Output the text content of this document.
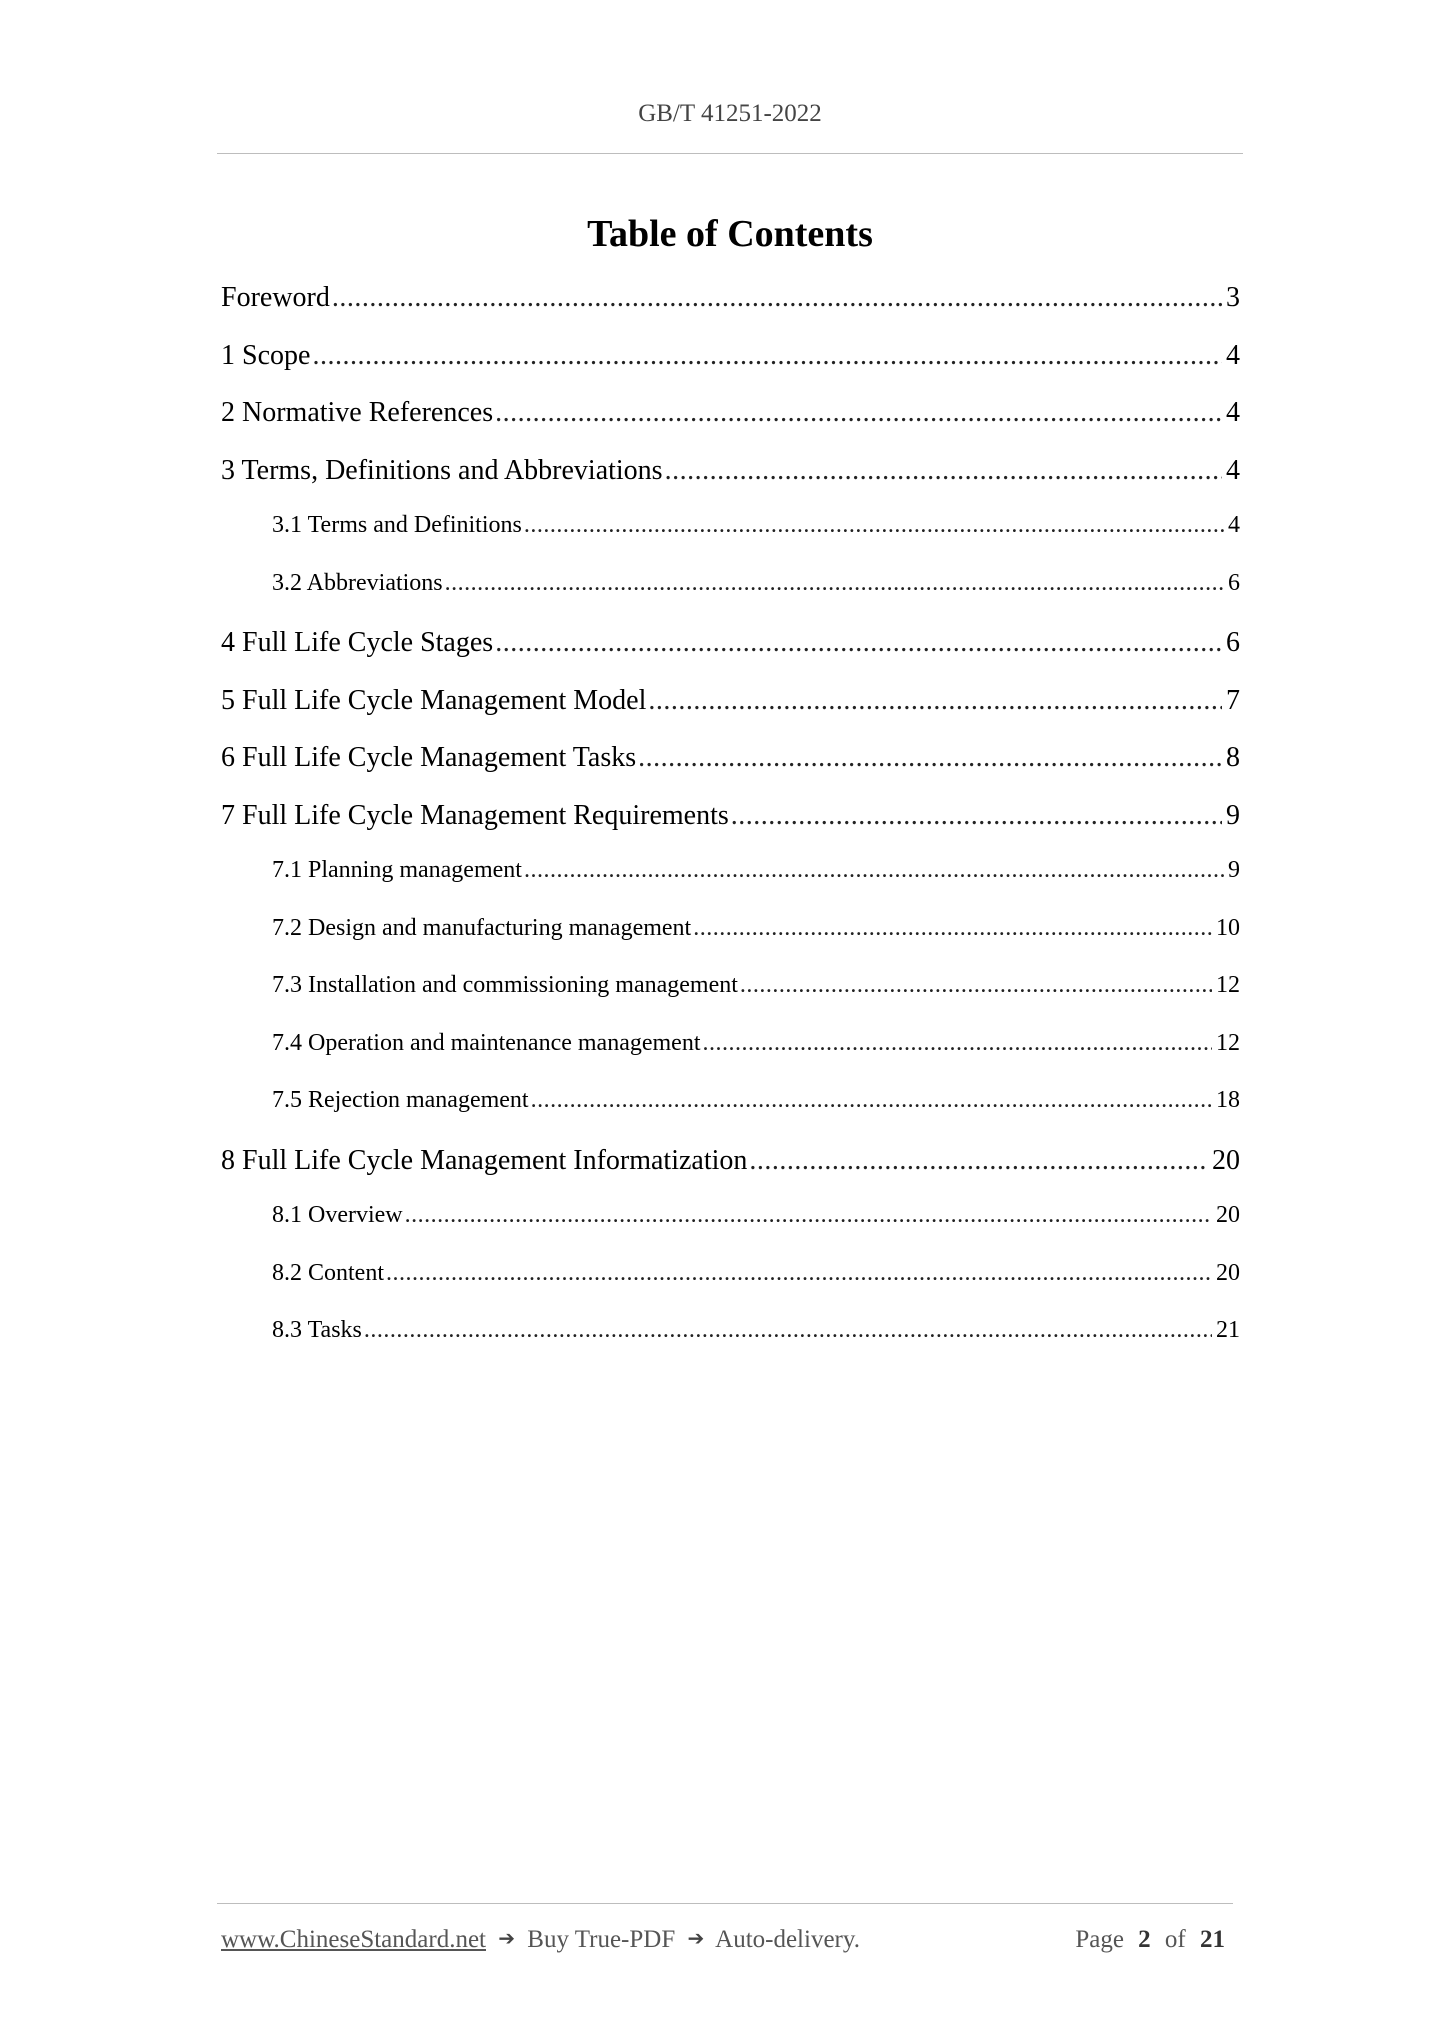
GB/T 41251-2022
Table of Contents
Foreword .....	3
1 Scope .....	4
2 Normative References .....	4
3 Terms, Definitions and Abbreviations .....	4
3.1 Terms and Definitions .....	4
3.2 Abbreviations .....	6
4 Full Life Cycle Stages .....	6
5 Full Life Cycle Management Model .....	7
6 Full Life Cycle Management Tasks .....	8
7 Full Life Cycle Management Requirements .....	9
7.1 Planning management .....	9
7.2 Design and manufacturing management .....	10
7.3 Installation and commissioning management .....	12
7.4 Operation and maintenance management .....	12
7.5 Rejection management .....	18
8 Full Life Cycle Management Informatization .....	20
8.1 Overview .....	20
8.2 Content .....	20
8.3 Tasks .....	21
www.ChineseStandard.net ➔ Buy True-PDF ➔ Auto-delivery.	Page 2 of 21
